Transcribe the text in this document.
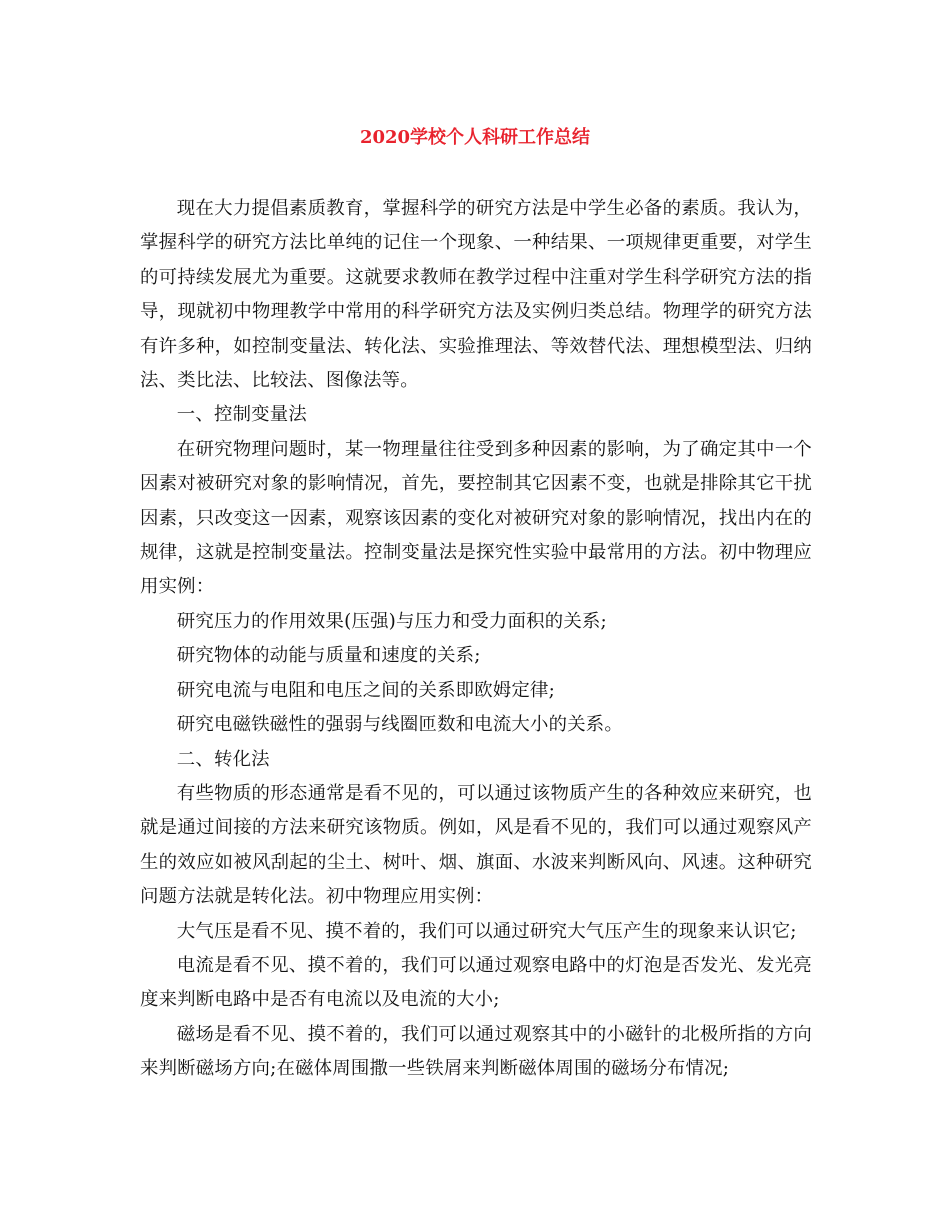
2020学校个人科研工作总结

现在大力提倡素质教育，掌握科学的研究方法是中学生必备的素质。我认为，掌握科学的研究方法比单纯的记住一个现象、一种结果、一项规律更重要，对学生的可持续发展尤为重要。这就要求教师在教学过程中注重对学生科学研究方法的指导，现就初中物理教学中常用的科学研究方法及实例归类总结。物理学的研究方法有许多种，如控制变量法、转化法、实验推理法、等效替代法、理想模型法、归纳法、类比法、比较法、图像法等。

一、控制变量法

在研究物理问题时，某一物理量往往受到多种因素的影响，为了确定其中一个因素对被研究对象的影响情况，首先，要控制其它因素不变，也就是排除其它干扰因素，只改变这一因素，观察该因素的变化对被研究对象的影响情况，找出内在的规律，这就是控制变量法。控制变量法是探究性实验中最常用的方法。初中物理应用实例：

研究压力的作用效果(压强)与压力和受力面积的关系;

研究物体的动能与质量和速度的关系;

研究电流与电阻和电压之间的关系即欧姆定律;

研究电磁铁磁性的强弱与线圈匝数和电流大小的关系。

二、转化法

有些物质的形态通常是看不见的，可以通过该物质产生的各种效应来研究，也就是通过间接的方法来研究该物质。例如，风是看不见的，我们可以通过观察风产生的效应如被风刮起的尘土、树叶、烟、旗面、水波来判断风向、风速。这种研究问题方法就是转化法。初中物理应用实例：

大气压是看不见、摸不着的，我们可以通过研究大气压产生的现象来认识它;

电流是看不见、摸不着的，我们可以通过观察电路中的灯泡是否发光、发光亮度来判断电路中是否有电流以及电流的大小;

磁场是看不见、摸不着的，我们可以通过观察其中的小磁针的北极所指的方向来判断磁场方向;在磁体周围撒一些铁屑来判断磁体周围的磁场分布情况;
